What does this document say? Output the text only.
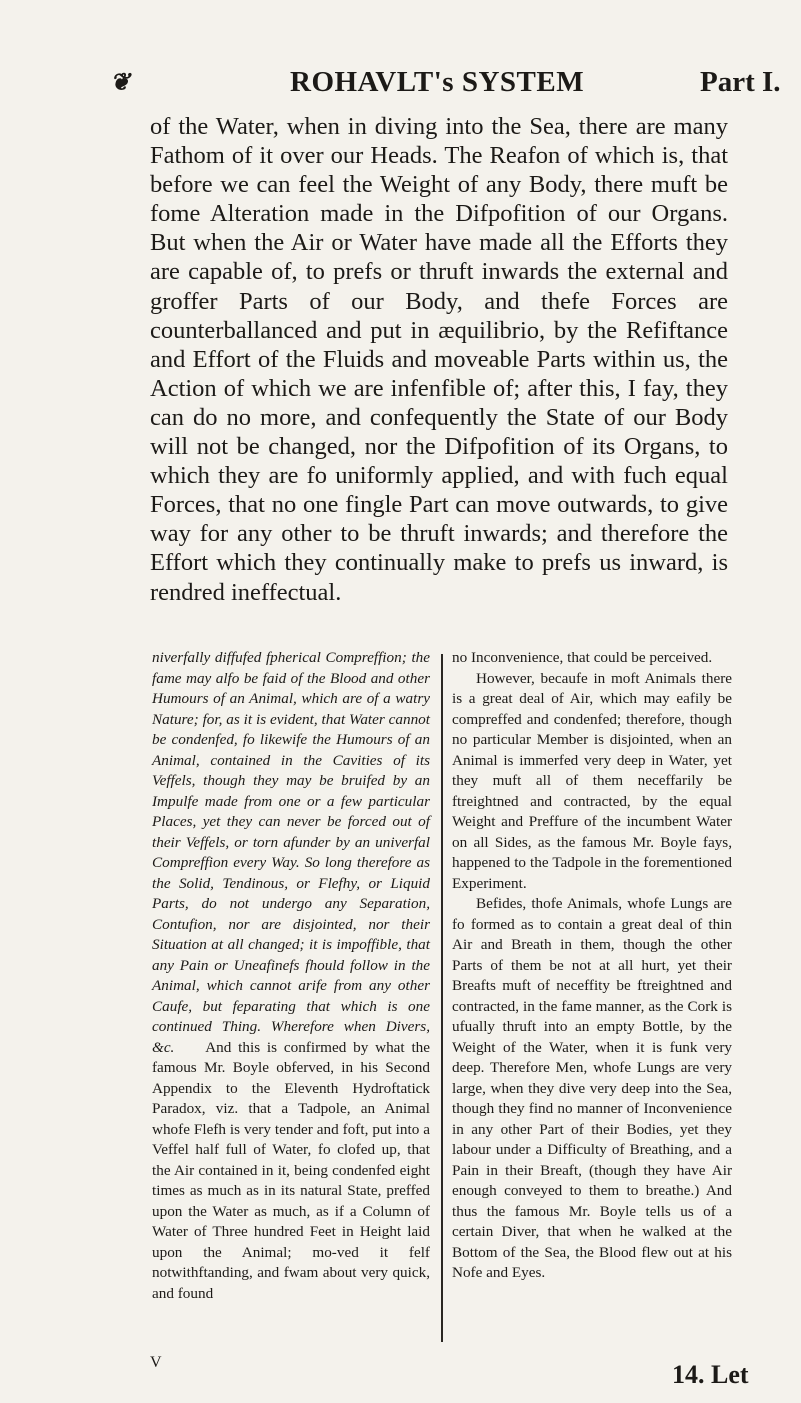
❦	ROHAVLT's SYSTEM	Part I.

of the Water, when in diving into the Sea, there are many Fathom of it over our Heads. The Reafon of which is, that before we can feel the Weight of any Body, there muft be fome Alteration made in the Difpofition of our Organs. But when the Air or Water have made all the Efforts they are capable of, to prefs or thruft inwards the external and groffer Parts of our Body, and thefe Forces are counterballanced and put in æquilibrio, by the Refiftance and Effort of the Fluids and moveable Parts within us, the Action of which we are infenfible of; after this, I fay, they can do no more, and confequently the State of our Body will not be changed, nor the Difpofition of its Organs, to which they are fo uniformly applied, and with fuch equal Forces, that no one fingle Part can move outwards, to give way for any other to be thruft inwards; and therefore the Effort which they continually make to prefs us inward, is rendred ineffectual.

niverfally diffufed fpherical Compreffion; the fame may alfo be faid of the Blood and other Humours of an Animal, which are of a watry Nature; for, as it is evident, that Water cannot be condenfed, fo likewife the Humours of an Animal, contained in the Cavities of its Veffels, though they may be bruifed by an Impulfe made from one or a few particular Places, yet they can never be forced out of their Veffels, or torn afunder by an univerfal Compreffion every Way. So long therefore as the Solid, Tendinous, or Flefhy, or Liquid Parts, do not undergo any Separation, Contufion, nor are disjointed, nor their Situation at all changed; it is impoffible, that any Pain or Uneafinefs fhould follow in the Animal, which cannot arife from any other Caufe, but feparating that which is one continued Thing. Wherefore when Divers, &c. And this is confirmed by what the famous Mr. Boyle obferved, in his Second Appendix to the Eleventh Hydroftatick Paradox, viz. that a Tadpole, an Animal whofe Flefh is very tender and foft, put into a Veffel half full of Water, fo clofed up, that the Air contained in it, being condenfed eight times as much as in its natural State, preffed upon the Water as much, as if a Column of Water of Three hundred Feet in Height laid upon the Animal; mo-ved it felf notwithftanding, and fwam about very quick, and found
no Inconvenience, that could be perceived.
However, becaufe in moft Animals there is a great deal of Air, which may eafily be compreffed and condenfed; therefore, though no particular Member is disjointed, when an Animal is immerfed very deep in Water, yet they muft all of them neceffarily be ftreightned and contracted, by the equal Weight and Preffure of the incumbent Water on all Sides, as the famous Mr. Boyle fays, happened to the Tadpole in the forementioned Experiment.
Befides, thofe Animals, whofe Lungs are fo formed as to contain a great deal of thin Air and Breath in them, though the other Parts of them be not at all hurt, yet their Breafts muft of neceffity be ftreightned and contracted, in the fame manner, as the Cork is ufually thruft into an empty Bottle, by the Weight of the Water, when it is funk very deep. Therefore Men, whofe Lungs are very large, when they dive very deep into the Sea, though they find no manner of Inconvenience in any other Part of their Bodies, yet they labour under a Difficulty of Breathing, and a Pain in their Breaft, (though they have Air enough conveyed to them to breathe.) And thus the famous Mr. Boyle tells us of a certain Diver, that when he walked at the Bottom of the Sea, the Blood flew out at his Nofe and Eyes.
V	14. Let
